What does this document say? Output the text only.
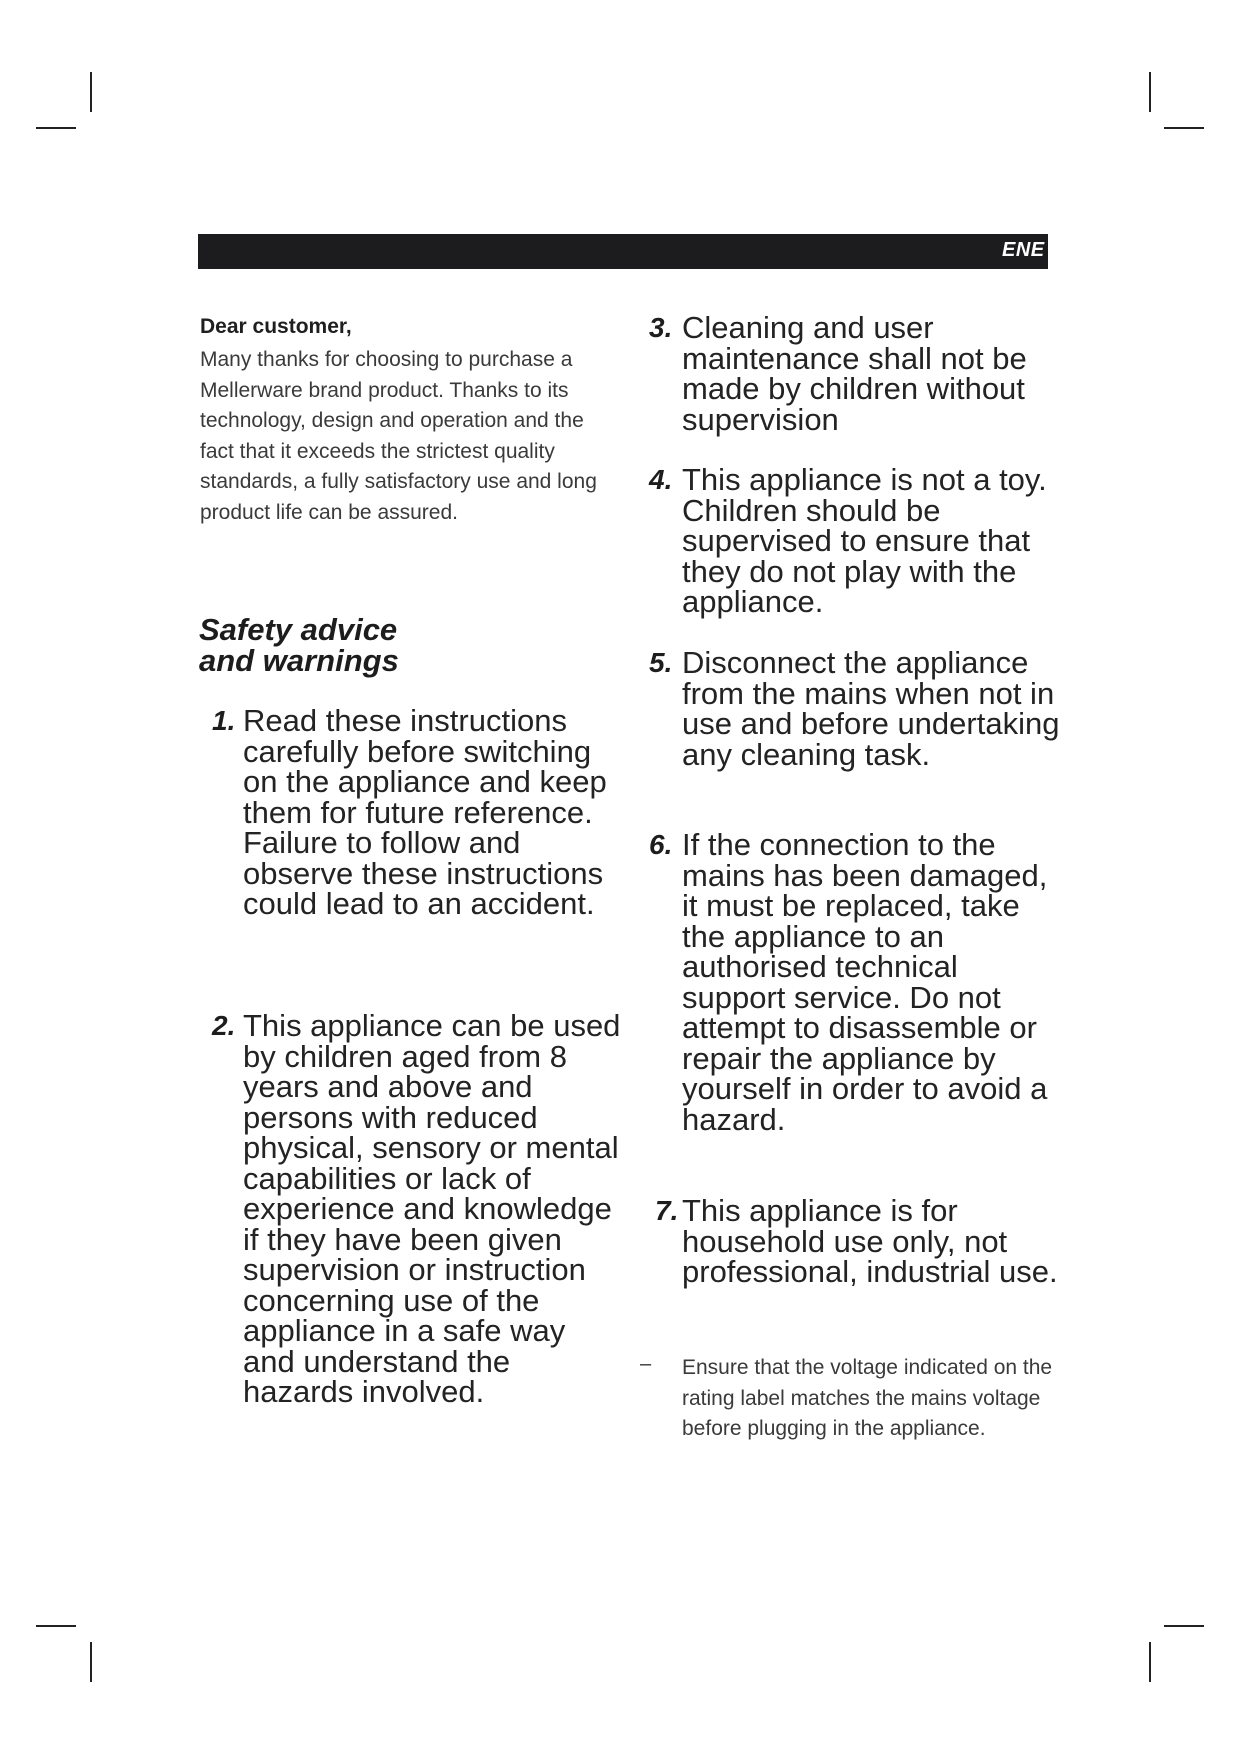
ENE

Dear customer,

Many thanks for choosing to purchase a Mellerware brand product. Thanks to its technology, design and operation and the fact that it exceeds the strictest quality standards, a fully satisfactory use and long product life can be assured.

Safety advice
and warnings
1. Read these instructions carefully before switching on the appliance and keep them for future reference. Failure to follow and observe these instructions could lead to an accident.

2. This appliance can be used by children aged from 8 years and above and persons with reduced physical, sensory or mental capabilities or lack of experience and knowledge if they have been given supervision or instruction concerning use of the appliance in a safe way and understand the hazards involved.

3. Cleaning and user maintenance shall not be made by children without supervision

4. This appliance is not a toy. Children should be supervised to ensure that they do not play with the appliance.

5. Disconnect the appliance from the mains when not in use and before undertaking any cleaning task.

6. If the connection to the mains has been damaged, it must be replaced, take the appliance to an authorised technical support service. Do not attempt to disassemble or repair the appliance by yourself in order to avoid a hazard.

7. This appliance is for household use only, not professional, industrial use.

– Ensure that the voltage indicated on the rating label matches the mains voltage before plugging in the appliance.
